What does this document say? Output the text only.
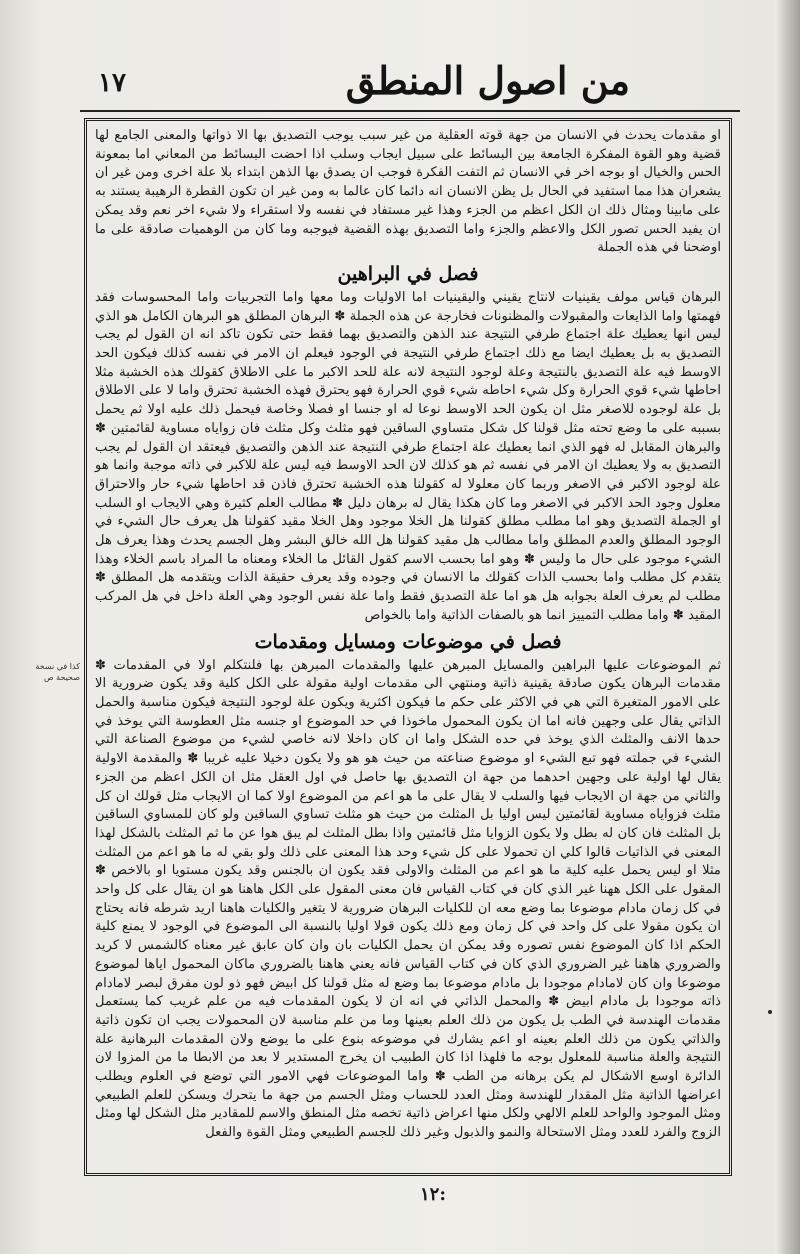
١٧	من اصول المنطق
كذا في نسخة صحيحة ص

او مقدمات يحدث في الانسان من جهة قوته العقلية من غير سبب يوجب التصديق بها الا ذواتها والمعنى الجامع لها قضية وهو القوة المفكرة الجامعة بين البسائط على سبيل ايجاب وسلب اذا احضت البسائط من المعاني اما بمعونة الحس والخيال او بوجه اخر في الانسان ثم التفت الفكرة فوجب ان يصدق بها الذهن ابتداء بلا علة اخرى ومن غير ان يشعران هذا مما استفيد في الحال بل يظن الانسان انه دائما كان عالما به ومن غير ان تكون القطرة الرهيبة يستند به على مابينا ومثال ذلك ان الكل اعظم من الجزء وهذا غير مستفاد في نفسه ولا استقراء ولا شيء اخر نعم وقد يمكن ان يفيد الحس تصور الكل والاعظم والجزء واما التصديق بهذه القضية فيوجبه وما كان من الوهميات صادقة على ما اوضحنا في هذه الجملة

فصل في البراهين

البرهان قياس مولف يقينيات لانتاج يقيني واليقينيات اما الاوليات وما معها واما التجربيات واما المحسوسات فقد فهمتها واما الذايعات والمقبولات والمظنونات فخارجة عن هذه الجملة ✽ البرهان المطلق هو البرهان الكامل هو الذي ليس انها يعطيك علة اجتماع طرفي النتيجة عند الذهن والتصديق بهما فقط حتى تكون تاكد انه ان القول لم يجب التصديق به بل يعطيك ايضا مع ذلك اجتماع طرفي النتيجة في الوجود فيعلم ان الامر في نفسه كذلك فيكون الحد الاوسط فيه علة التصديق بالنتيجة وعلة لوجود النتيجة لانه علة للحد الاكبر ما على الاطلاق كقولك هذه الخشبة مثلا احاطها شيء قوي الحرارة وكل شيء احاطه شيء قوي الحرارة فهو يحترق فهذه الخشبة تحترق واما لا على الاطلاق بل علة لوجوده للاصغر مثل ان يكون الحد الاوسط نوعا له او جنسا او فصلا وخاصة فيحمل ذلك عليه اولا ثم يحمل بسببه على ما وضع تحته مثل قولنا كل شكل متساوي الساقين فهو مثلث وكل مثلث فان زواياه مساوية لقائمتين ✽ والبرهان المقابل له فهو الذي انما يعطيك علة اجتماع طرفي النتيجة عند الذهن والتصديق فيعتقد ان القول لم يجب التصديق به ولا يعطيك ان الامر في نفسه ثم هو كذلك لان الحد الاوسط فيه ليس علة للاكبر في ذاته موجبة وانما هو علة لوجود الاكبر في الاصغر وربما كان معلولا له كقولنا هذه الخشبة تحترق فاذن قد احاطها شيء حار والاحتراق معلول وجود الحد الاكبر في الاصغر وما كان هكذا يقال له برهان دليل ✽ مطالب العلم كثيرة وهي الايجاب او السلب او الجملة التصديق وهو اما مطلب مطلق كقولنا هل الخلا موجود وهل الخلا مقيد كقولنا هل يعرف حال الشيء في الوجود المطلق والعدم المطلق واما مطالب هل مقيد كقولنا هل الله خالق البشر وهل الجسم يحدث وهذا يعرف هل الشيء موجود على حال ما وليس ✽ وهو اما بحسب الاسم كقول القائل ما الخلاء ومعناه ما المراد باسم الخلاء وهذا يتقدم كل مطلب واما بحسب الذات كقولك ما الانسان في وجوده وقد يعرف حقيقة الذات ويتقدمه هل المطلق ✽ مطلب لم يعرف العلة بجوابه هل هو اما علة التصديق فقط واما علة نفس الوجود وهي العلة داخل في هل المركب المقيد ✽ واما مطلب التمييز انما هو بالصفات الذاتية واما بالخواص

فصل في موضوعات ومسايل ومقدمات

ثم الموضوعات عليها البراهين والمسايل المبرهن عليها والمقدمات المبرهن بها فلنتكلم اولا في المقدمات ✽ مقدمات البرهان يكون صادقة يقينية ذاتية ومنتهي الى مقدمات اولية مقولة على الكل كلية وقد يكون ضرورية الا على الامور المتغيرة التي هي في الاكثر على حكم ما فيكون اكثرية ويكون علة لوجود النتيجة فيكون مناسبة والحمل الذاتي يقال على وجهين فانه اما ان يكون المحمول ماخوذا في حد الموضوع او جنسه مثل العطوسة التي يوخذ في حدها الانف والمثلث الذي يوخذ في حده الشكل واما ان كان داخلا لانه خاصي لشيء من موضوع الصناعة التي الشيء في جملته فهو تبع الشيء او موضوع صناعته من حيث هو هو ولا يكون دخيلا عليه غريبا ✽ والمقدمة الاولية يقال لها اولية على وجهين احدهما من جهة ان التصديق بها حاصل في اول العقل مثل ان الكل اعظم من الجزء والثاني من جهة ان الايجاب فيها والسلب لا يقال على ما هو اعم من الموضوع اولا كما ان الايجاب مثل قولك ان كل مثلث فزواياه مساوية لقائمتين ليس اوليا بل المثلث من حيث هو مثلث تساوي الساقين ولو كان للمساوي الساقين بل المثلث فان كان له بطل ولا يكون الزوايا مثل قائمتين واذا بطل المثلث لم يبق هوا عن ما ثم المثلث بالشكل لهذا المعنى في الذاتيات قالوا كلي ان تحمولا على كل شيء وحد هذا المعنى على ذلك ولو بقي له ما هو اعم من المثلث مثلا او ليس يحمل عليه كلية ما هو اعم من المثلث والاولى فقد يكون ان بالجنس وقد يكون مستويا او بالاخص ✽ المقول على الكل ههنا غير الذي كان في كتاب القياس فان معنى المقول على الكل هاهنا هو ان يقال على كل واحد في كل زمان مادام موضوعا بما وضع معه ان للكليات البرهان ضرورية لا يتغير والكليات هاهنا اريد شرطه فانه يحتاج ان يكون مقولا على كل واحد في كل زمان ومع ذلك يكون قولا اوليا بالنسبة الى الموضوع في الوجود لا يمنع كلية الحكم اذا كان الموضوع نفس تصوره وقد يمكن ان يحمل الكليات بان وان كان عابق غير معناه كالشمس لا كريد والضروري هاهنا غير الضروري الذي كان في كتاب القياس فانه يعني هاهنا بالضروري ماكان المحمول اياها لموضوع موضوعا وان كان لامادام موجودا بل مادام موضوعا بما وضع له مثل قولنا كل ابيض فهو ذو لون مفرق لبصر لامادام ذاته موجودا بل مادام ابيض ✽ والمحمل الذاتي في انه ان لا يكون المقدمات فيه من علم غريب كما يستعمل مقدمات الهندسة في الطب بل يكون من ذلك العلم بعينها وما من علم مناسبة لان المحمولات يجب ان تكون ذاتية والذاتي يكون من ذلك العلم بعينه او اعم يشارك في موضوعه بنوع على ما يوضع ولان المقدمات البرهانية علة النتيجة والعلة مناسبة للمعلول بوجه ما فلهذا اذا كان الطبيب ان يخرج المستدير لا بعد من الابطا ما من المزوا لان الدائرة اوسع الاشكال لم يكن برهانه من الطب ✽ واما الموضوعات فهي الامور التي توضع في العلوم ويطلب اعراضها الذاتية مثل المقدار للهندسة ومثل العدد للحساب ومثل الجسم من جهة ما يتحرك ويسكن للعلم الطبيعي ومثل الموجود والواحد للعلم الالهي ولكل منها اعراض ذاتية تخصه مثل المنطق والاسم للمقادير مثل الشكل لها ومثل الزوج والفرد للعدد ومثل الاستحالة والنمو والذبول وغير ذلك للجسم الطبيعي ومثل القوة والفعل

١٢:
